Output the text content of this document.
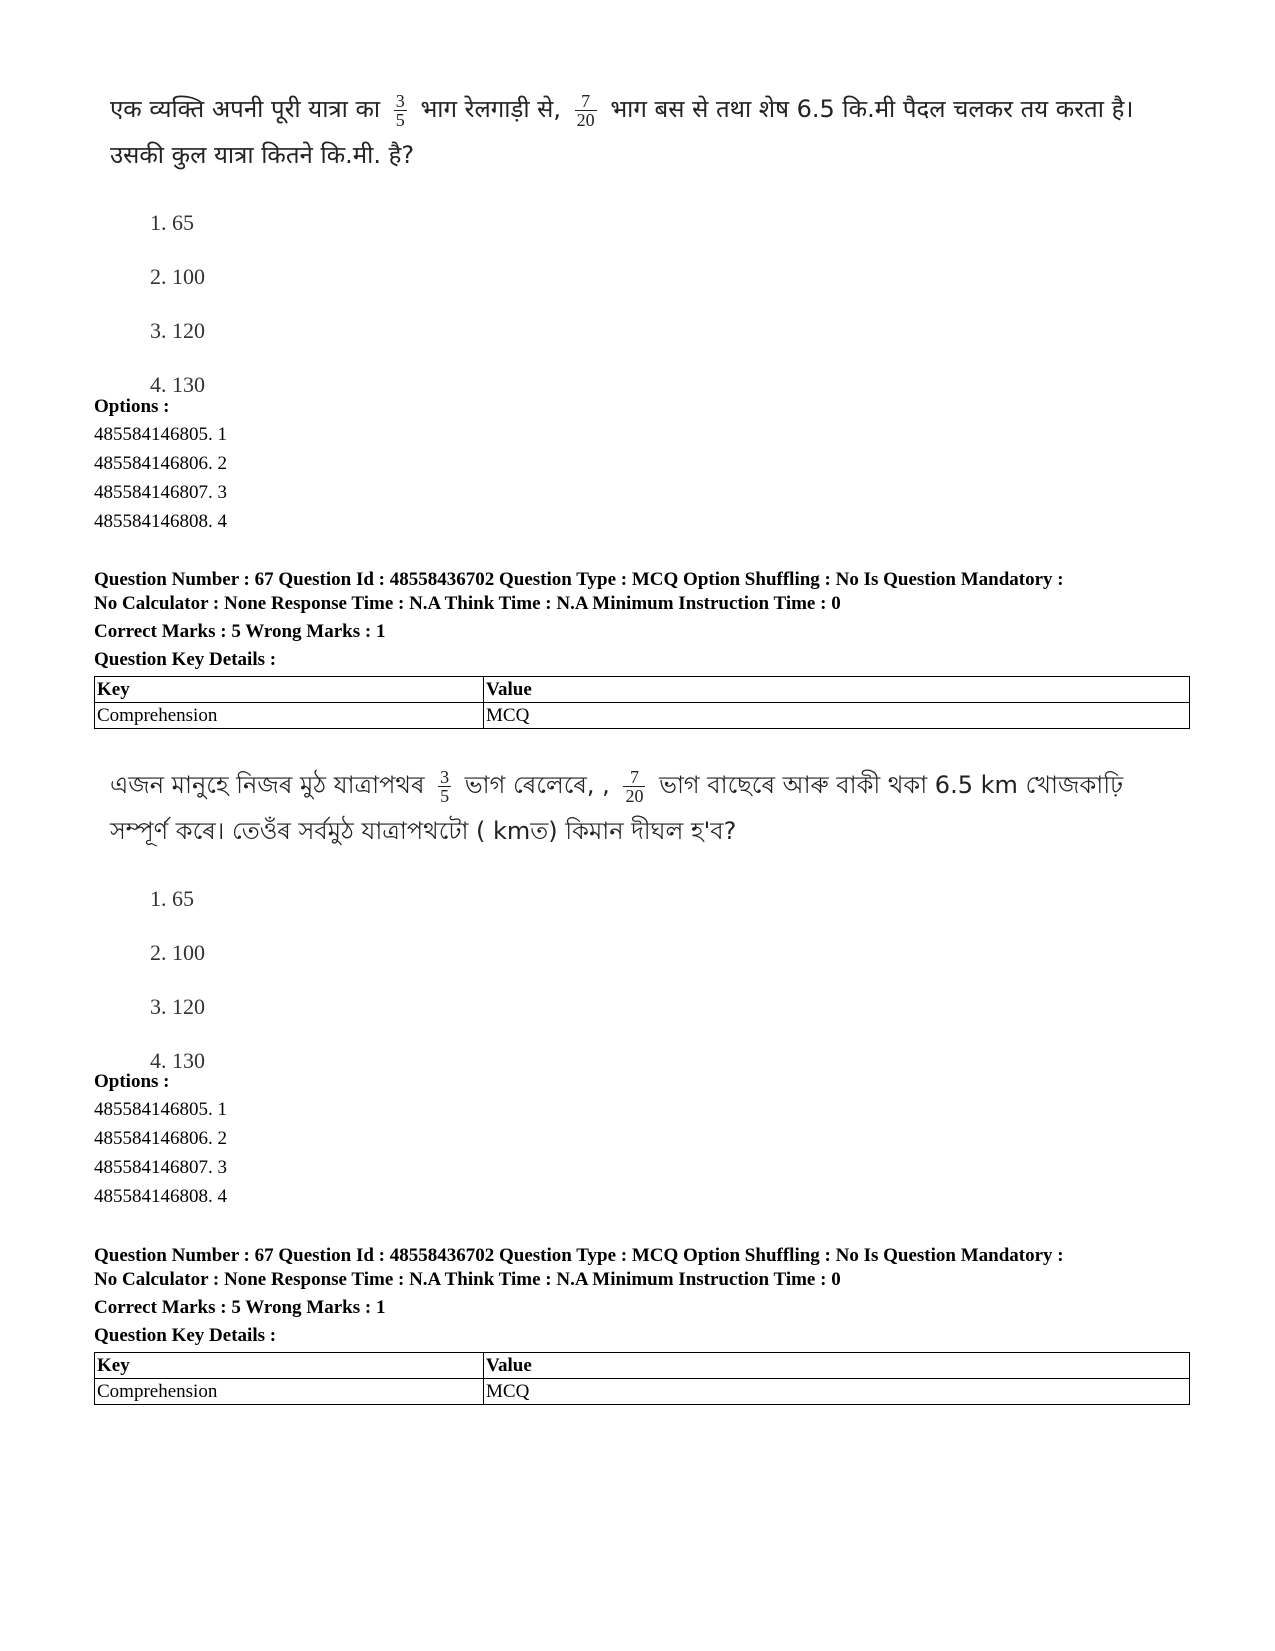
एक व्यक्ति अपनी पूरी यात्रा का $\frac{3}{5}$ भाग रेलगाड़ी से, $\frac{7}{20}$ भाग बस से तथा शेष 6.5 कि.मी पैदल चलकर तय करता है।
उसकी कुल यात्रा कितने कि.मी. है?
1. 65
2. 100
3. 120
4. 130
Options :
485584146805. 1
485584146806. 2
485584146807. 3
485584146808. 4
Question Number : 67 Question Id : 48558436702 Question Type : MCQ Option Shuffling : No Is Question Mandatory :
No Calculator : None Response Time : N.A Think Time : N.A Minimum Instruction Time : 0
Correct Marks : 5 Wrong Marks : 1
Question Key Details :
Key	Value
Comprehension	MCQ
এজন মানুহে নিজৰ মুঠ যাত্ৰাপথৰ $\frac{3}{5}$ ভাগ ৰেলেৰে, , $\frac{7}{20}$ ভাগ বাছেৰে আৰু বাকী থকা 6.5 km খোজকাঢ়ি
সম্পূৰ্ণ কৰে। তেওঁৰ সৰ্বমুঠ যাত্ৰাপথটো ( kmত) কিমান দীঘল হ'ব?
1. 65
2. 100
3. 120
4. 130
Options :
485584146805. 1
485584146806. 2
485584146807. 3
485584146808. 4
Question Number : 67 Question Id : 48558436702 Question Type : MCQ Option Shuffling : No Is Question Mandatory :
No Calculator : None Response Time : N.A Think Time : N.A Minimum Instruction Time : 0
Correct Marks : 5 Wrong Marks : 1
Question Key Details :
Key	Value
Comprehension	MCQ
